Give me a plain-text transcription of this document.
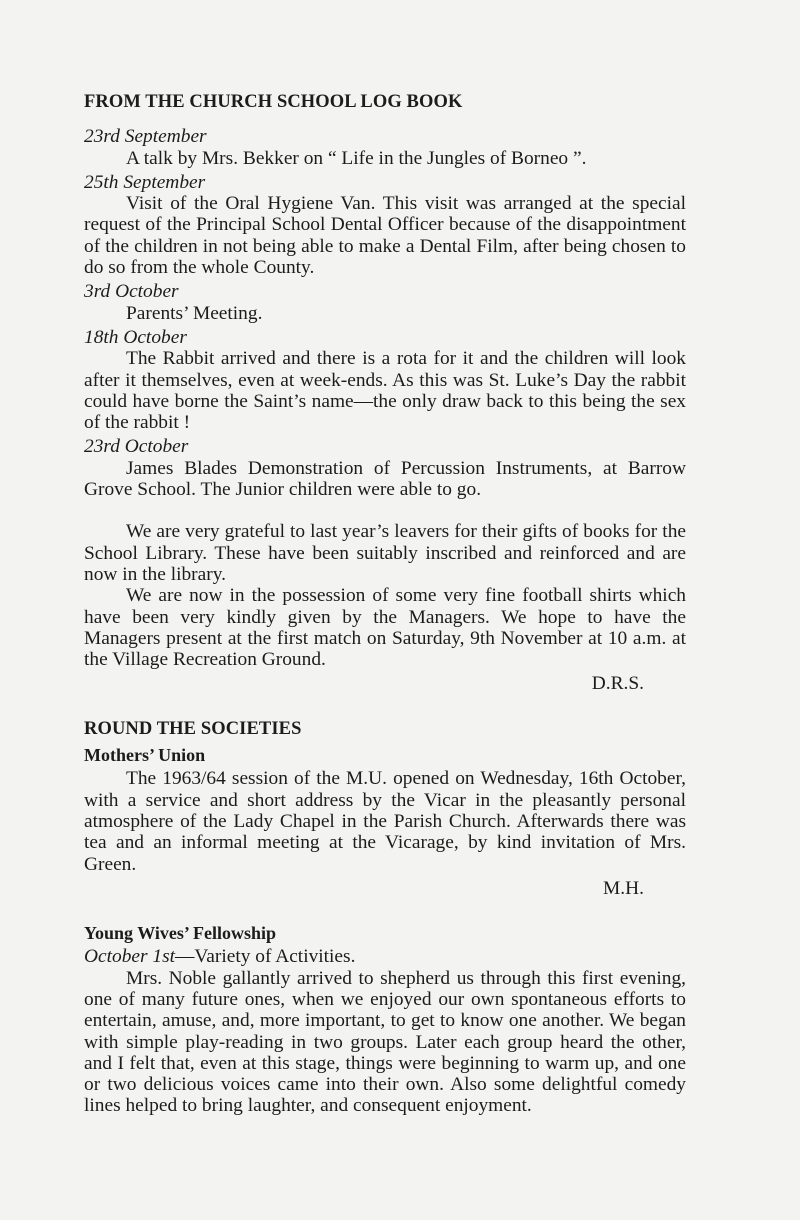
FROM THE CHURCH SCHOOL LOG BOOK
23rd September

A talk by Mrs. Bekker on “ Life in the Jungles of Borneo ”.

25th September

Visit of the Oral Hygiene Van. This visit was arranged at the special request of the Principal School Dental Officer because of the disappointment of the children in not being able to make a Dental Film, after being chosen to do so from the whole County.

3rd October

Parents’ Meeting.

18th October

The Rabbit arrived and there is a rota for it and the children will look after it themselves, even at week-ends. As this was St. Luke’s Day the rabbit could have borne the Saint’s name—the only draw back to this being the sex of the rabbit !

23rd October

James Blades Demonstration of Percussion Instruments, at Barrow Grove School. The Junior children were able to go.

We are very grateful to last year’s leavers for their gifts of books for the School Library. These have been suitably inscribed and reinforced and are now in the library.

We are now in the possession of some very fine football shirts which have been very kindly given by the Managers. We hope to have the Managers present at the first match on Saturday, 9th November at 10 a.m. at the Village Recreation Ground.

D.R.S.
ROUND THE SOCIETIES
Mothers’ Union

The 1963/64 session of the M.U. opened on Wednesday, 16th October, with a service and short address by the Vicar in the pleasantly personal atmosphere of the Lady Chapel in the Parish Church. Afterwards there was tea and an informal meeting at the Vicarage, by kind invitation of Mrs. Green.

M.H.
Young Wives’ Fellowship
October 1st—Variety of Activities.

Mrs. Noble gallantly arrived to shepherd us through this first evening, one of many future ones, when we enjoyed our own spontaneous efforts to entertain, amuse, and, more important, to get to know one another. We began with simple play-reading in two groups. Later each group heard the other, and I felt that, even at this stage, things were beginning to warm up, and one or two delicious voices came into their own. Also some delightful comedy lines helped to bring laughter, and consequent enjoyment.
